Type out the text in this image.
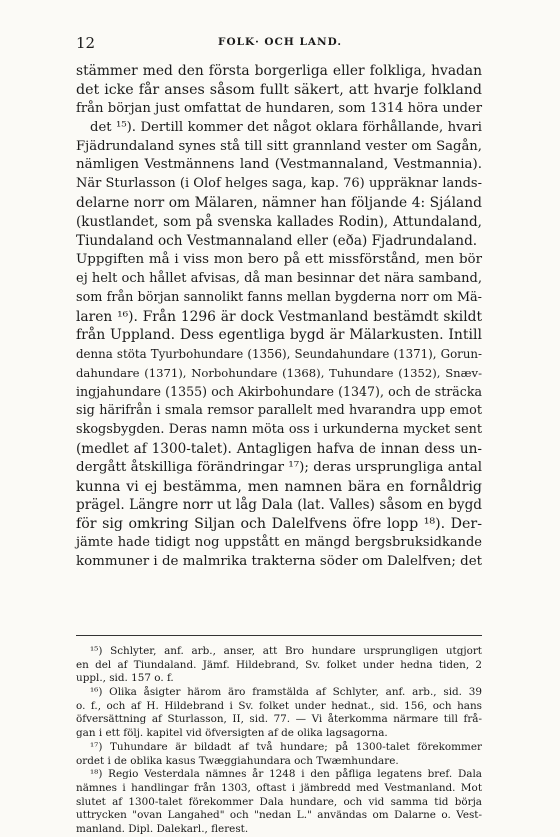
12	FOLK· OCH LAND.
stämmer med den första borgerliga eller folkliga, hvadan
det icke får anses såsom fullt säkert, att hvarje folkland
från början just omfattat de hundaren, som 1314 höra under
det ¹⁵). Dertill kommer det något oklara förhållande, hvari
Fjädrundaland synes stå till sitt grannland vester om Sagån,
nämligen Vestmännens land (Vestmannaland, Vestmannia).
När Sturlasson (i Olof helges saga, kap. 76) uppräknar lands-
delarne norr om Mälaren, nämner han följande 4: Sjáland
(kustlandet, som på svenska kallades Rodin), Attundaland,
Tiundaland och Vestmannaland eller (eða) Fjadrundaland.
Uppgiften må i viss mon bero på ett missförstånd, men bör
ej helt och hållet afvisas, då man besinnar det nära samband,
som från början sannolikt fanns mellan bygderna norr om Mä-
laren ¹⁶). Från 1296 är dock Vestmanland bestämdt skildt
från Uppland. Dess egentliga bygd är Mälarkusten. Intill
denna stöta Tyurbohundare (1356), Seundahundare (1371), Gorun-
dahundare (1371), Norbohundare (1368), Tuhundare (1352), Snæv-
ingjahundare (1355) och Akirbohundare (1347), och de sträcka
sig härifrån i smala remsor parallelt med hvarandra upp emot
skogsbygden. Deras namn möta oss i urkunderna mycket sent
(medlet af 1300-talet). Antagligen hafva de innan dess un-
dergått åtskilliga förändringar ¹⁷); deras ursprungliga antal
kunna vi ej bestämma, men namnen bära en fornåldrig
prägel. Längre norr ut låg Dala (lat. Valles) såsom en bygd
för sig omkring Siljan och Dalelfvens öfre lopp ¹⁸). Der-
jämte hade tidigt nog uppstått en mängd bergsbruksidkande
kommuner i de malmrika trakterna söder om Dalelfven; det
¹⁵) Schlyter, anf. arb., anser, att Bro hundare ursprungligen utgjort
en del af Tiundaland. Jämf. Hildebrand, Sv. folket under hedna tiden, 2
uppl., sid. 157 o. f.
¹⁶) Olika åsigter härom äro framstälda af Schlyter, anf. arb., sid. 39
o. f., och af H. Hildebrand i Sv. folket under hednat., sid. 156, och hans
öfversättning af Sturlasson, II, sid. 77. — Vi återkomma närmare till frå-
gan i ett följ. kapitel vid öfversigten af de olika lagsagorna.
¹⁷) Tuhundare är bildadt af två hundare; på 1300-talet förekommer
ordet i de oblika kasus Twæggiahundara och Twæmhundare.
¹⁸) Regio Vesterdala nämnes år 1248 i den påfliga legatens bref. Dala
nämnes i handlingar från 1303, oftast i jämbredd med Vestmanland. Mot
slutet af 1300-talet förekommer Dala hundare, och vid samma tid börja
uttrycken "ovan Langahed" och "nedan L." användas om Dalarne o. Vest-
manland. Dipl. Dalekarl., flerest.
